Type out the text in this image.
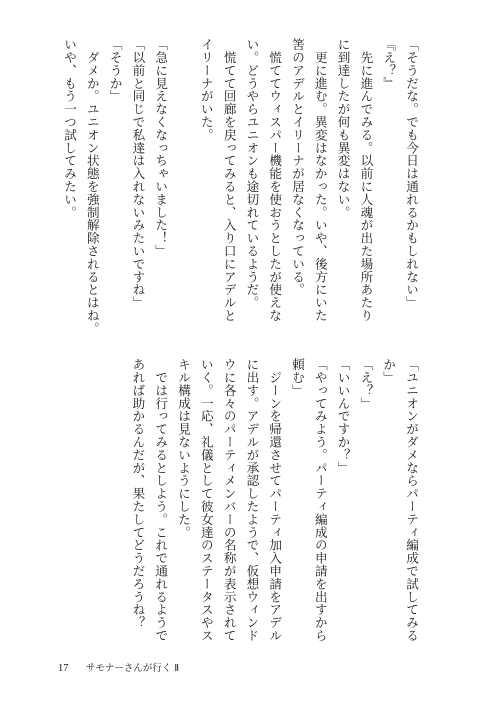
「そうだな。でも今日は通れるかもしれない」
『え？』
　先に進んでみる。以前に人魂が出た場所あたり
に到達したが何も異変はない。
　更に進む。異変はなかった。いや、後方にいた
筈のアデルとイリーナが居なくなっている。
　慌ててウィスパー機能を使おうとしたが使えな
い。どうやらユニオンも途切れているようだ。
　慌てて回廊を戻ってみると、入り口にアデルと
イリーナがいた。

「急に見えなくなっちゃいました！」
「以前と同じで私達は入れないみたいですね」
「そうか」
　ダメか。ユニオン状態を強制解除されるとはね。
いや、もう一つ試してみたい。
「ユニオンがダメならパーティ編成で試してみる
か」
「え？」
「いいんですか？」
「やってみよう。パーティ編成の申請を出すから
頼む」
　ジーンを帰還させてパーティ加入申請をアデル
に出す。アデルが承認したようで、仮想ウィンド
ウに各々のパーティメンバーの名称が表示されて
いく。一応、礼儀として彼女達のステータスやス
キル構成は見ないようにした。
　では行ってみるとしよう。これで通れるようで
あれば助かるんだが、果たしてどうだろうね？
17 サモナーさんが行く Ⅱ
